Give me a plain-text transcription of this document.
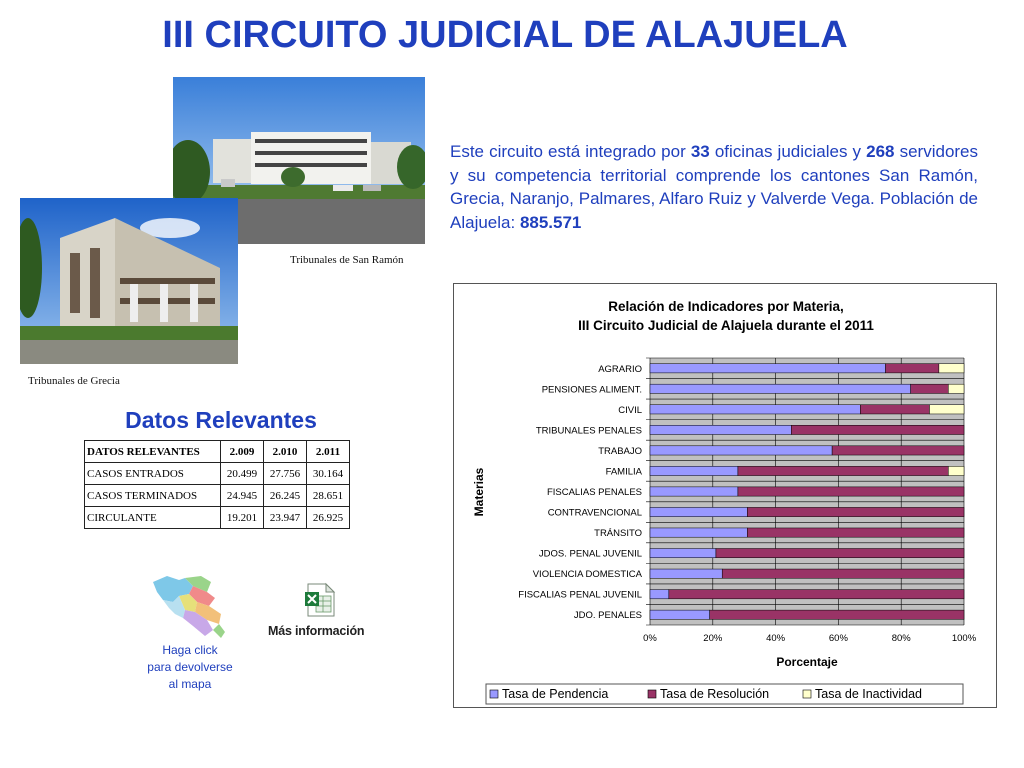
III CIRCUITO JUDICIAL DE ALAJUELA
Tribunales de San Ramón
Tribunales de Grecia

Este circuito está integrado por 33 oficinas judiciales y 268 servidores y su competencia territorial comprende los cantones San Ramón, Grecia, Naranjo, Palmares, Alfaro Ruiz y Valverde Vega. Población de Alajuela: 885.571

Datos Relevantes
DATOS RELEVANTES	2.009	2.010	2.011
CASOS ENTRADOS	20.499	27.756	30.164
CASOS TERMINADOS	24.945	26.245	28.651
CIRCULANTE	19.201	23.947	26.925
Haga click
para devolverse
al mapa
Más información
Relación de Indicadores por Materia,
III Circuito Judicial de Alajuela durante el 2011
AGRARIO
PENSIONES ALIMENT.
CIVIL
TRIBUNALES PENALES
TRABAJO
FAMILIA
FISCALIAS PENALES
CONTRAVENCIONAL
TRÁNSITO
JDOS. PENAL JUVENIL
VIOLENCIA DOMESTICA
FISCALIAS PENAL JUVENIL
JDO. PENALES
0%	20%	40%	60%	80%	100%
Porcentaje
Materias
Tasa de Pendencia	Tasa de Resolución	Tasa de Inactividad
